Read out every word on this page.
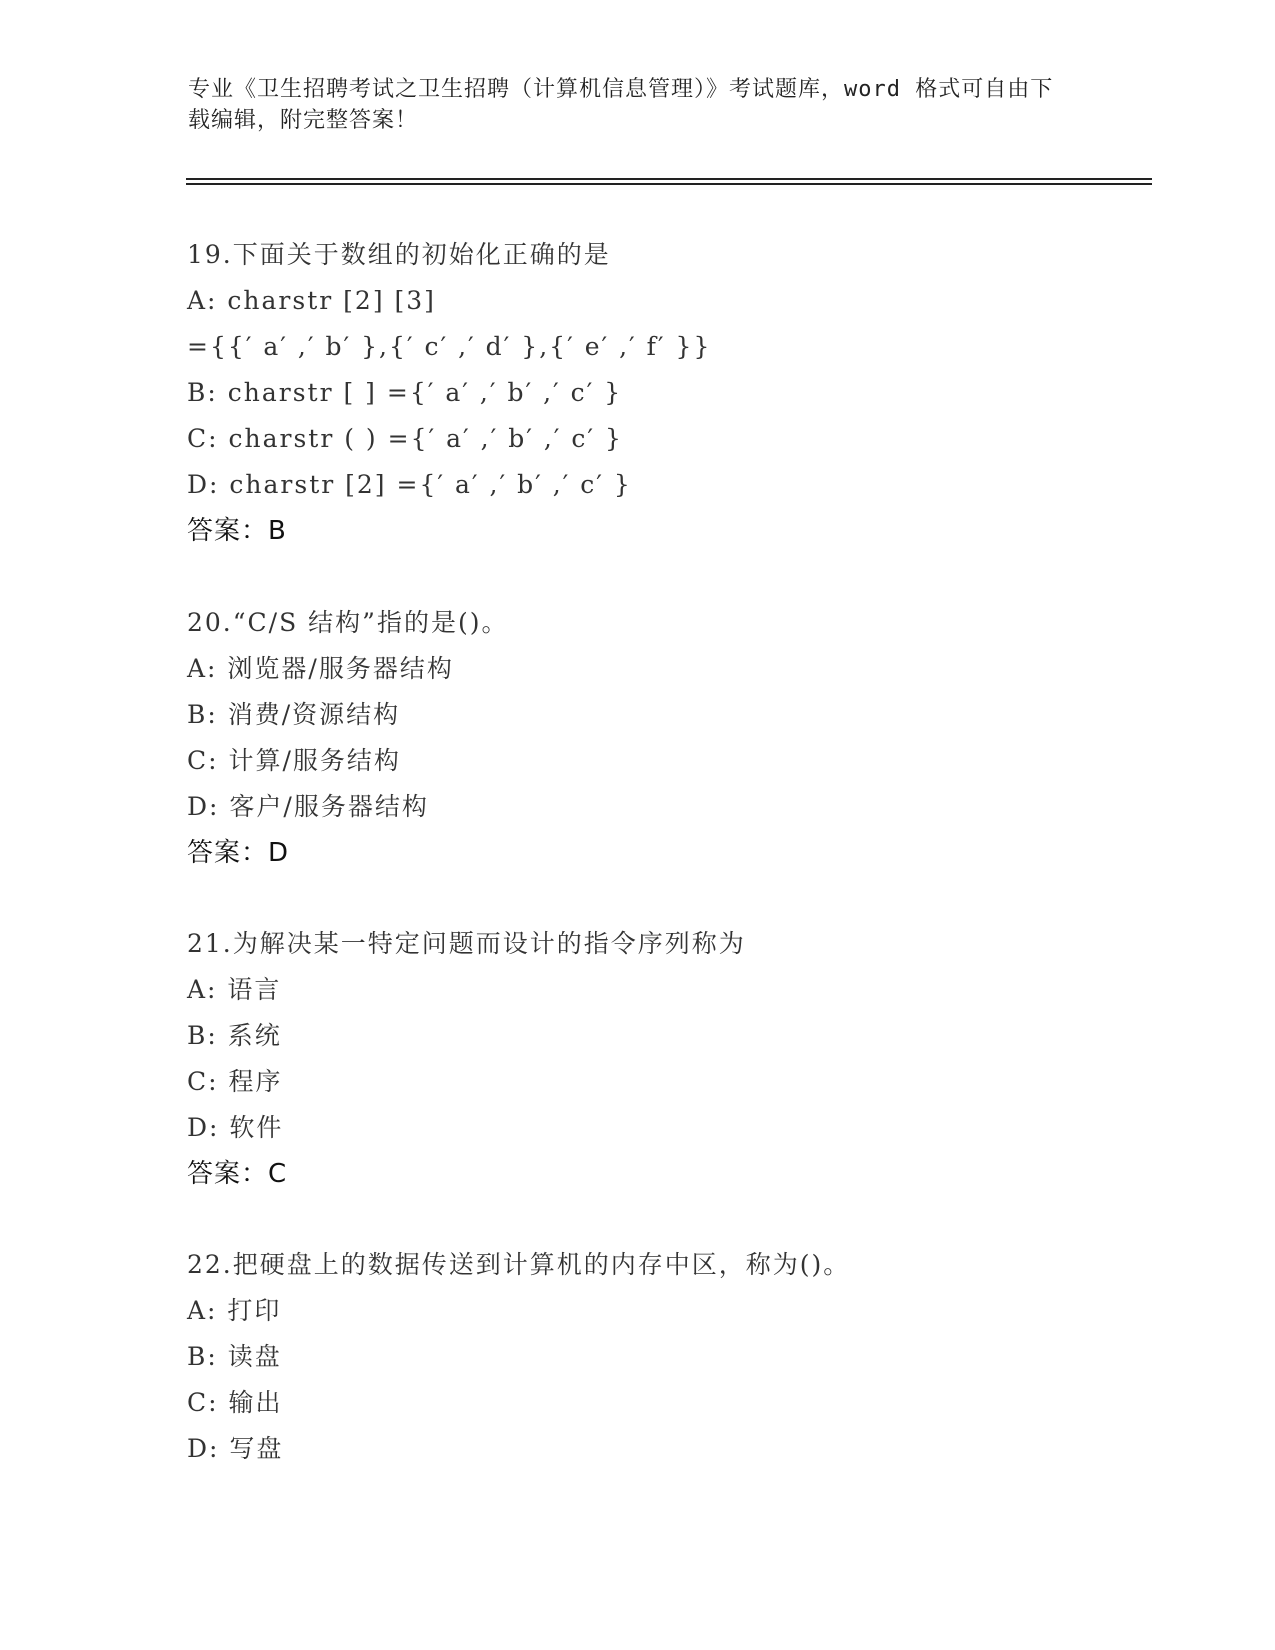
专业《卫生招聘考试之卫生招聘（计算机信息管理）》考试题库，word 格式可自由下载编辑，附完整答案！
19.下面关于数组的初始化正确的是
A: charstr [2] [3]
={{′ a′ ,′ b′ },{′ c′ ,′ d′ },{′ e′ ,′ f′ }}
B: charstr [ ] ={′ a′ ,′ b′ ,′ c′ }
C: charstr ( ) ={′ a′ ,′ b′ ,′ c′ }
D: charstr [2] ={′ a′ ,′ b′ ,′ c′ }
答案：B
20.“C/S 结构”指的是()。
A: 浏览器/服务器结构
B: 消费/资源结构
C: 计算/服务结构
D: 客户/服务器结构
答案：D
21.为解决某一特定问题而设计的指令序列称为
A: 语言
B: 系统
C: 程序
D: 软件
答案：C
22.把硬盘上的数据传送到计算机的内存中区，称为()。
A: 打印
B: 读盘
C: 输出
D: 写盘
